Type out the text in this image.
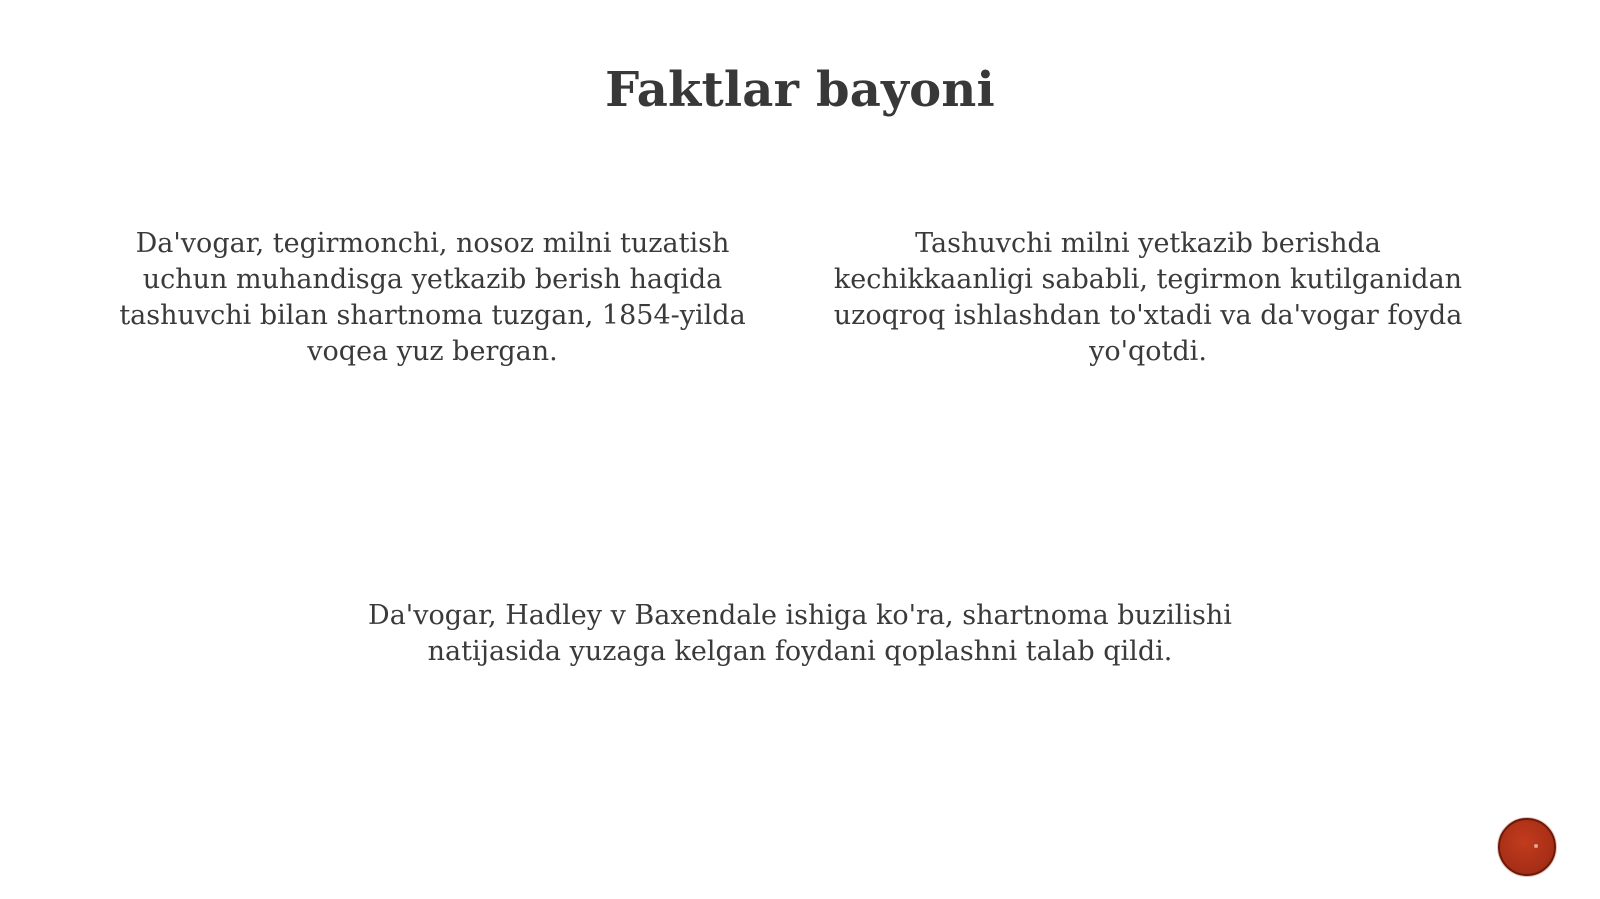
Faktlar bayoni

Da'vogar, tegirmonchi, nosoz milni tuzatish uchun muhandisga yetkazib berish haqida tashuvchi bilan shartnoma tuzgan, 1854-yilda voqea yuz bergan.

Tashuvchi milni yetkazib berishda kechikkaanligi sababli, tegirmon kutilganidan uzoqroq ishlashdan to'xtadi va da'vogar foyda yo'qotdi.

Da'vogar, Hadley v Baxendale ishiga ko'ra, shartnoma buzilishi natijasida yuzaga kelgan foydani qoplashni talab qildi.
